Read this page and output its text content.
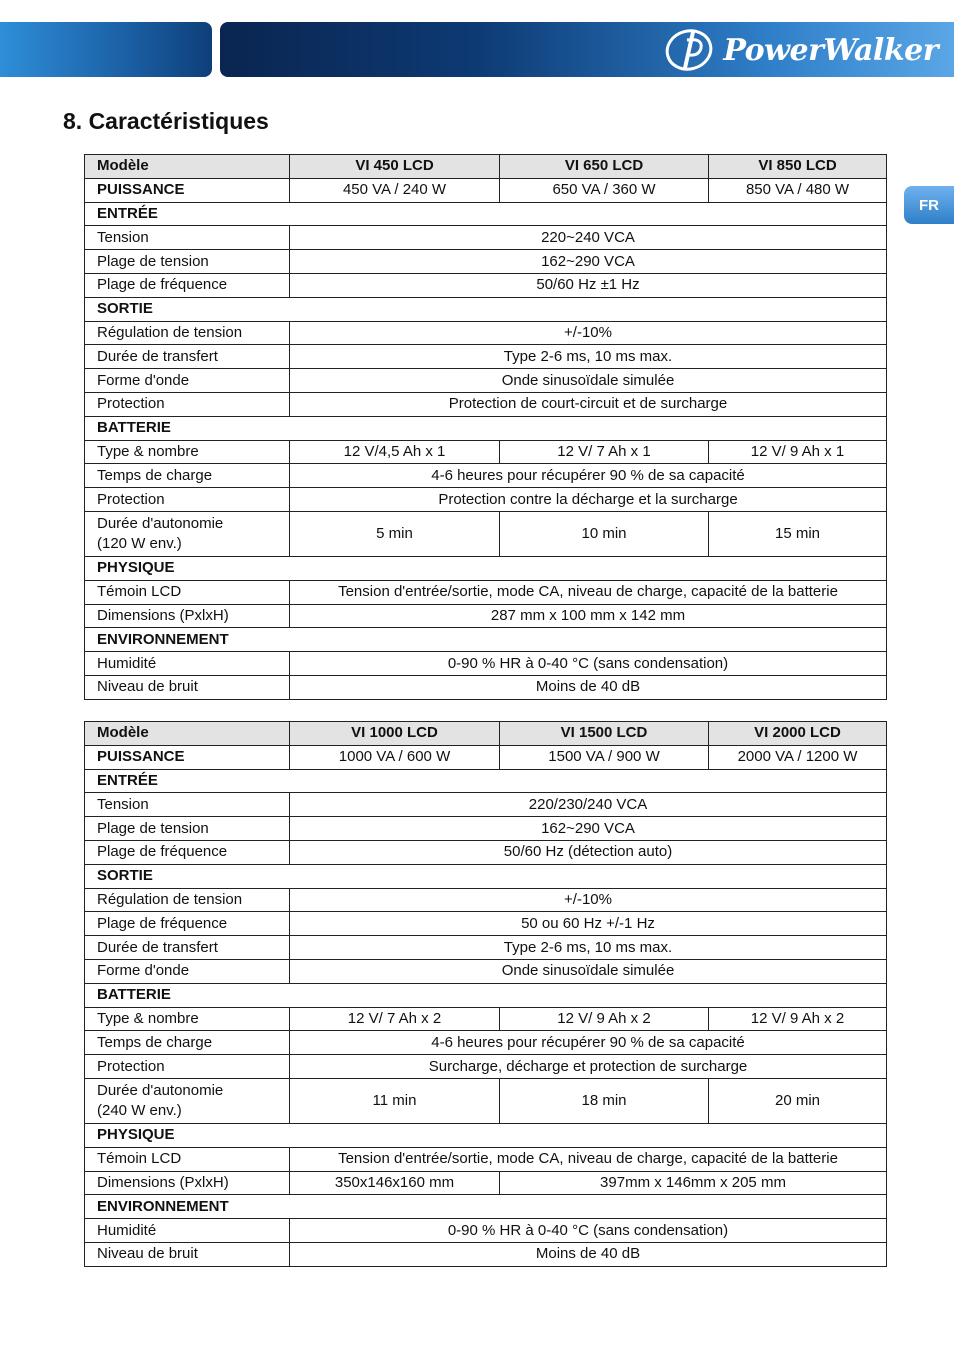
PowerWalker
FR
8. Caractéristiques
Modèle	VI 450 LCD	VI 650 LCD	VI 850 LCD
PUISSANCE	450 VA / 240 W	650 VA / 360 W	850 VA / 480 W
ENTRÉE			
Tension	220~240 VCA		
Plage de tension	162~290 VCA		
Plage de fréquence	50/60 Hz ±1 Hz		
SORTIE			
Régulation de tension	+/-10%		
Durée de transfert	Type 2-6 ms, 10 ms max.		
Forme d'onde	Onde sinusoïdale simulée		
Protection	Protection de court-circuit et de surcharge		
BATTERIE			
Type & nombre	12 V/4,5 Ah x 1	12 V/ 7 Ah x 1	12 V/ 9 Ah x 1
Temps de charge	4-6 heures pour récupérer 90 % de sa capacité		
Protection	Protection contre la décharge et la surcharge		
Durée d'autonomie
(120 W env.)	5 min	10 min	15 min
PHYSIQUE			
Témoin LCD	Tension d'entrée/sortie, mode CA, niveau de charge, capacité de la batterie		
Dimensions (PxlxH)	287 mm x 100 mm x 142 mm		
ENVIRONNEMENT			
Humidité	0-90 % HR à 0-40 °C (sans condensation)		
Niveau de bruit	Moins de 40 dB		
Modèle	VI 1000 LCD	VI 1500 LCD	VI 2000 LCD
PUISSANCE	1000 VA / 600 W	1500 VA / 900 W	2000 VA / 1200 W
ENTRÉE			
Tension	220/230/240 VCA		
Plage de tension	162~290 VCA		
Plage de fréquence	50/60 Hz (détection auto)		
SORTIE			
Régulation de tension	+/-10%		
Plage de fréquence	50 ou 60 Hz +/-1 Hz		
Durée de transfert	Type 2-6 ms, 10 ms max.		
Forme d'onde	Onde sinusoïdale simulée		
BATTERIE			
Type & nombre	12 V/ 7 Ah x 2	12 V/ 9 Ah x 2	12 V/ 9 Ah x 2
Temps de charge	4-6 heures pour récupérer 90 % de sa capacité		
Protection	Surcharge, décharge et protection de surcharge		
Durée d'autonomie
(240 W env.)	11 min	18 min	20 min
PHYSIQUE			
Témoin LCD	Tension d'entrée/sortie, mode CA, niveau de charge, capacité de la batterie		
Dimensions (PxlxH)	350x146x160 mm	397mm x 146mm x 205 mm	
ENVIRONNEMENT			
Humidité	0-90 % HR à 0-40 °C (sans condensation)		
Niveau de bruit	Moins de 40 dB		
